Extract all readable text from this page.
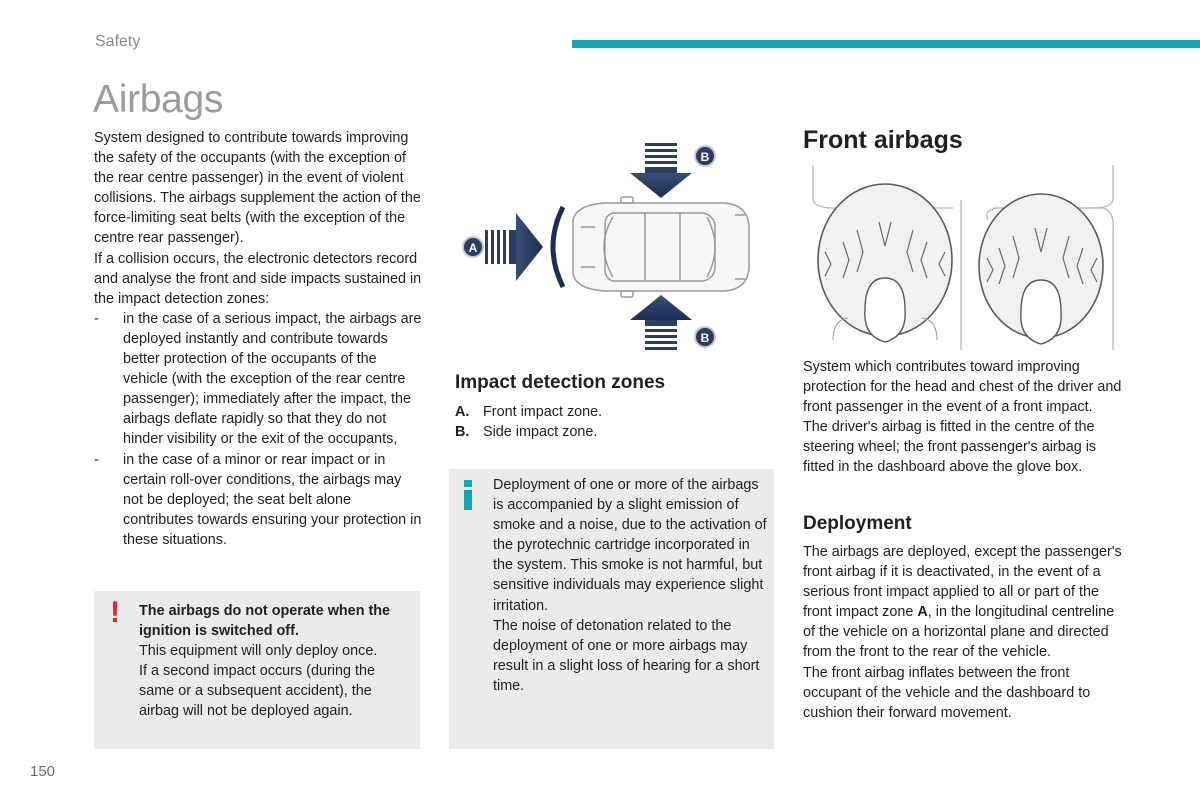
Safety
Airbags

System designed to contribute towards improving the safety of the occupants (with the exception of the rear centre passenger) in the event of violent collisions. The airbags supplement the action of the force-limiting seat belts (with the exception of the centre rear passenger).

If a collision occurs, the electronic detectors record and analyse the front and side impacts sustained in the impact detection zones:

- in the case of a serious impact, the airbags are deployed instantly and contribute towards better protection of the occupants of the vehicle (with the exception of the rear centre passenger); immediately after the impact, the airbags deflate rapidly so that they do not hinder visibility or the exit of the occupants,
- in the case of a minor or rear impact or in certain roll-over conditions, the airbags may not be deployed; the seat belt alone contributes towards ensuring your protection in these situations.
! The airbags do not operate when the ignition is switched off.

This equipment will only deploy once.

If a second impact occurs (during the same or a subsequent accident), the airbag will not be deployed again.

A
B
B
Impact detection zones
A. Front impact zone.
B. Side impact zone.

Deployment of one or more of the airbags is accompanied by a slight emission of smoke and a noise, due to the activation of the pyrotechnic cartridge incorporated in the system. This smoke is not harmful, but sensitive individuals may experience slight irritation.

The noise of detonation related to the deployment of one or more airbags may result in a slight loss of hearing for a short time.

Front airbags

System which contributes toward improving protection for the head and chest of the driver and front passenger in the event of a front impact.

The driver's airbag is fitted in the centre of the steering wheel; the front passenger's airbag is fitted in the dashboard above the glove box.

Deployment

The airbags are deployed, except the passenger's front airbag if it is deactivated, in the event of a serious front impact applied to all or part of the front impact zone A, in the longitudinal centreline of the vehicle on a horizontal plane and directed from the front to the rear of the vehicle.

The front airbag inflates between the front occupant of the vehicle and the dashboard to cushion their forward movement.

150
